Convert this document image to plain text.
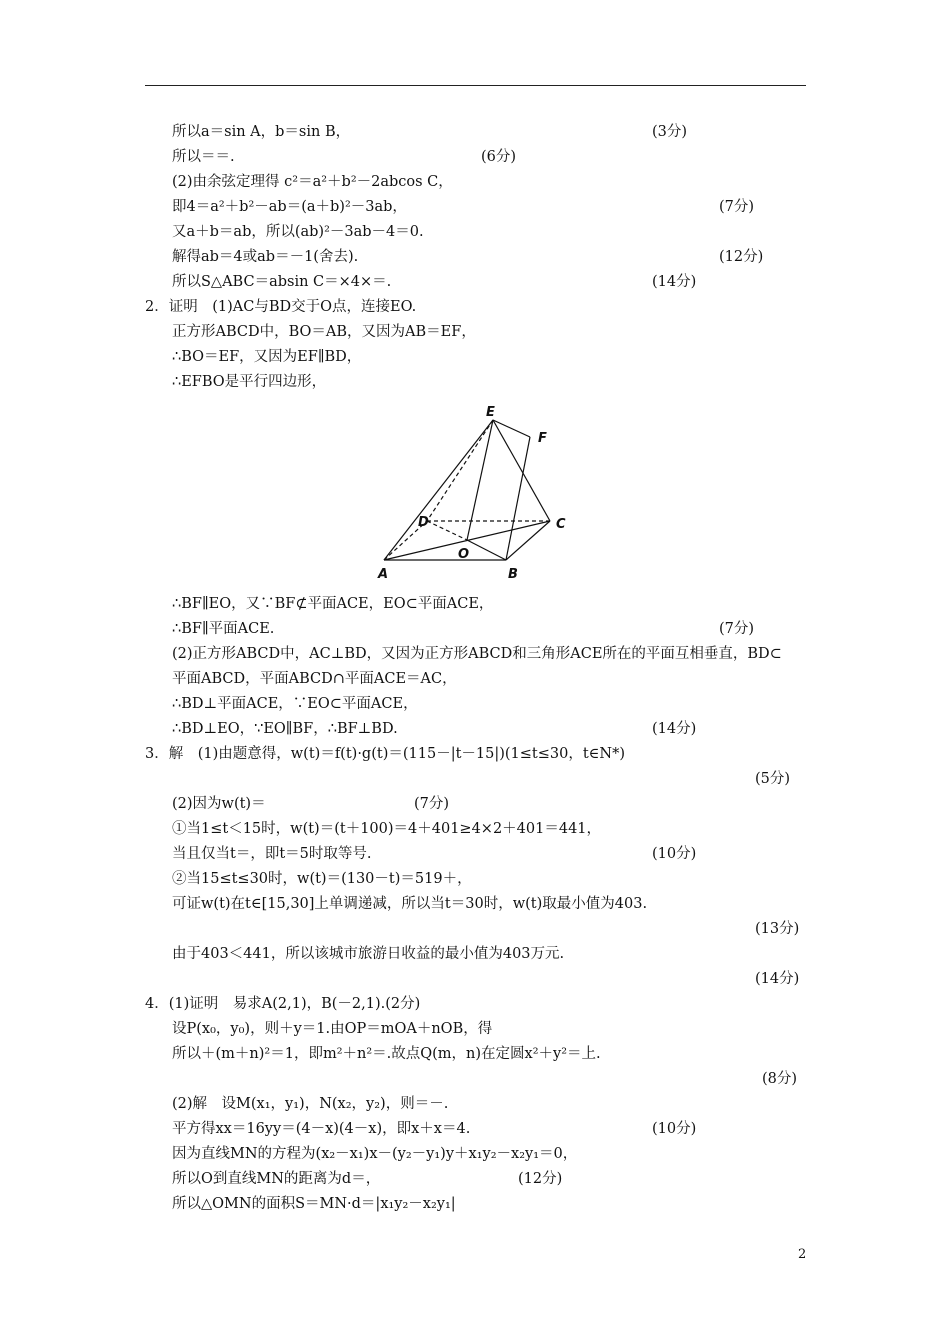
所以a＝sin A，b＝sin B，	(3分)
所以＝＝.	(6分)
(2)由余弦定理得 c²＝a²＋b²－2abcos C，
即4＝a²＋b²－ab＝(a＋b)²－3ab，	(7分)
又a＋b＝ab，所以(ab)²－3ab－4＝0.
解得ab＝4或ab＝－1(舍去).	(12分)
所以S△ABC＝absin C＝×4×＝.	(14分)
2．证明　(1)AC与BD交于O点，连接EO.
正方形ABCD中，BO＝AB，又因为AB＝EF，
∴BO＝EF，又因为EF∥BD，
∴EFBO是平行四边形，
E
F
D	C
O
A	B
∴BF∥EO，又∵BF⊄平面ACE，EO⊂平面ACE，
∴BF∥平面ACE.	(7分)
(2)正方形ABCD中，AC⊥BD，又因为正方形ABCD和三角形ACE所在的平面互相垂直，BD⊂
平面ABCD，平面ABCD∩平面ACE＝AC，
∴BD⊥平面ACE，∵EO⊂平面ACE，
∴BD⊥EO，∵EO∥BF，∴BF⊥BD.	(14分)
3．解　(1)由题意得，w(t)＝f(t)·g(t)＝(115－|t－15|)(1≤t≤30，t∈N*)
(5分)
(2)因为w(t)＝	(7分)
①当1≤t＜15时，w(t)＝(t＋100)＝4＋401≥4×2＋401＝441，
当且仅当t＝，即t＝5时取等号.	(10分)
②当15≤t≤30时，w(t)＝(130－t)＝519＋，
可证w(t)在t∈[15,30]上单调递减，所以当t＝30时，w(t)取最小值为403.
(13分)
由于403＜441，所以该城市旅游日收益的最小值为403万元.
(14分)
4．(1)证明　易求A(2,1)，B(－2,1).(2分)
设P(x₀，y₀)，则＋y＝1.由OP＝mOA＋nOB，得
所以＋(m＋n)²＝1，即m²＋n²＝.故点Q(m，n)在定圆x²＋y²＝上.
(8分)
(2)解　设M(x₁，y₁)，N(x₂，y₂)，则＝－.
平方得xx＝16yy＝(4－x)(4－x)，即x＋x＝4.	(10分)
因为直线MN的方程为(x₂－x₁)x－(y₂－y₁)y＋x₁y₂－x₂y₁＝0，
所以O到直线MN的距离为d＝，	(12分)
所以△OMN的面积S＝MN·d＝|x₁y₂－x₂y₁|
2
